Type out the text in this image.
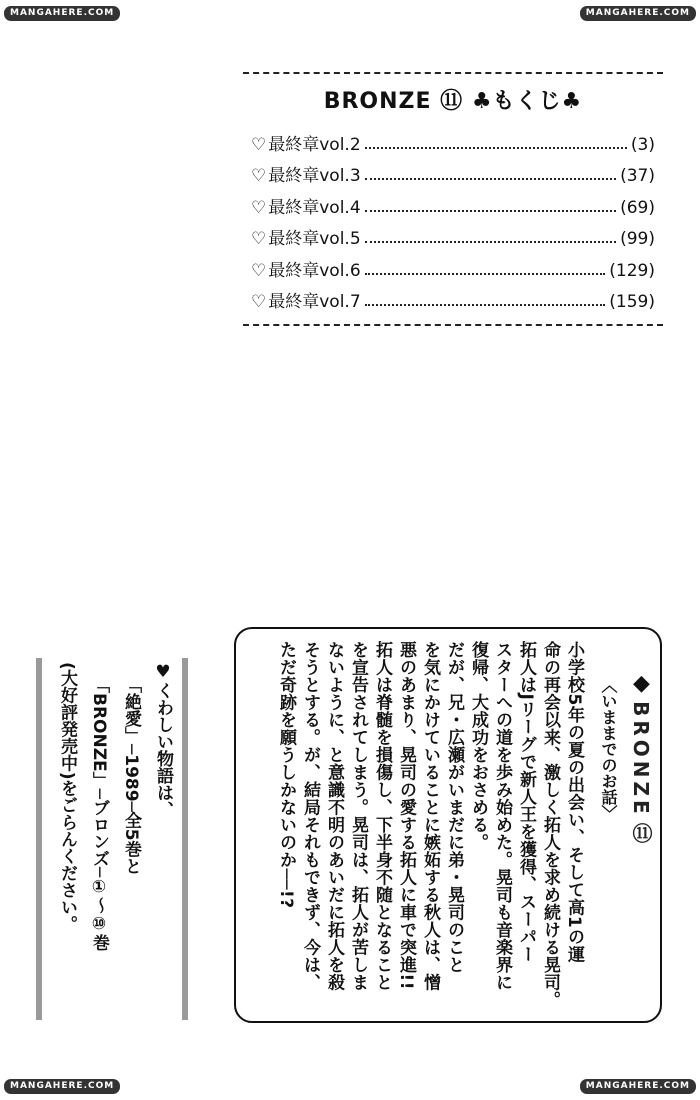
MANGAHERE.COM	MANGAHERE.COM
MANGAHERE.COM	MANGAHERE.COM
BRONZE ⑪ ♣もくじ♣
♡ 最終章vol.2	(3)
♡ 最終章vol.3	(37)
♡ 最終章vol.4	(69)
♡ 最終章vol.5	(99)
♡ 最終章vol.6	(129)
♡ 最終章vol.7	(159)
◆ BRONZE ⑪
〈いままでのお話〉
小学校5年の夏の出会い、そして高1の運
命の再会以来、激しく拓人を求め続ける晃司。
拓人はJリーグで新人王を獲得、スーパー
スターへの道を歩み始めた。晃司も音楽界に
復帰、大成功をおさめる。
だが、兄・広瀬がいまだに弟・晃司のこと
を気にかけていることに嫉妬する秋人は、憎
悪のあまり、晃司の愛する拓人に車で突進!!
拓人は脊髄を損傷し、下半身不随となること
を宣告されてしまう。晃司は、拓人が苦しま
ないように、と意識不明のあいだに拓人を殺
そうとする。が、結局それもできず、今は、
ただ奇跡を願うしかないのか──!?
♥くわしい物語は、
「絶愛」─1989─全5巻と
「BRONZE」─ブロンズ─①〜⑩巻
(大好評発売中)をごらんください。
